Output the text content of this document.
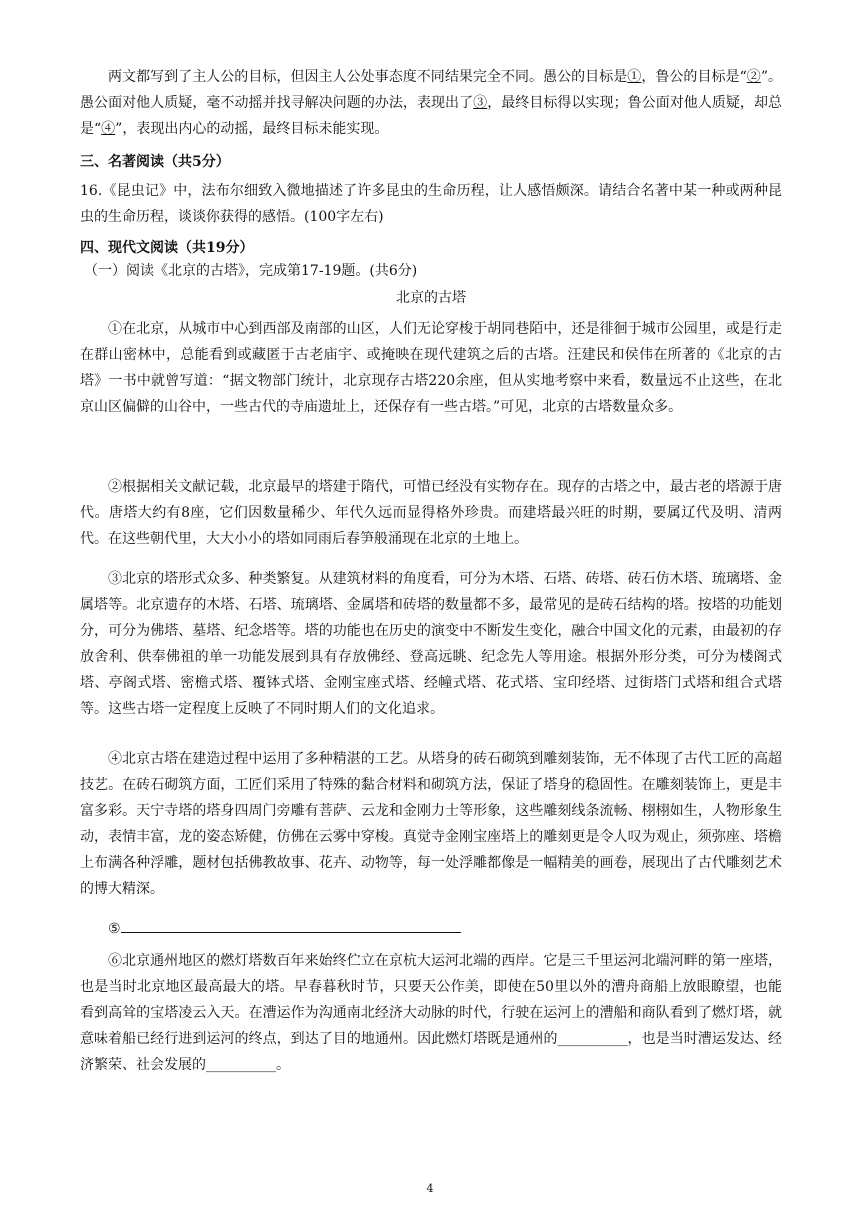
两文都写到了主人公的目标，但因主人公处事态度不同结果完全不同。愚公的目标是①，鲁公的目标是“②”。愚公面对他人质疑，毫不动摇并找寻解决问题的办法，表现出了③，最终目标得以实现；鲁公面对他人质疑，却总是“④”，表现出内心的动摇，最终目标未能实现。
三、名著阅读（共5分）
16.《昆虫记》中，法布尔细致入微地描述了许多昆虫的生命历程，让人感悟颇深。请结合名著中某一种或两种昆虫的生命历程，谈谈你获得的感悟。(100字左右)
四、现代文阅读（共19分）
（一）阅读《北京的古塔》，完成第17-19题。(共6分)
北京的古塔
①在北京，从城市中心到西部及南部的山区，人们无论穿梭于胡同巷陌中，还是徘徊于城市公园里，或是行走在群山密林中，总能看到或藏匿于古老庙宇、或掩映在现代建筑之后的古塔。汪建民和侯伟在所著的《北京的古塔》一书中就曾写道：“据文物部门统计，北京现存古塔220余座，但从实地考察中来看，数量远不止这些，在北京山区偏僻的山谷中，一些古代的寺庙遗址上，还保存有一些古塔。”可见，北京的古塔数量众多。
②根据相关文献记载，北京最早的塔建于隋代，可惜已经没有实物存在。现存的古塔之中，最古老的塔源于唐代。唐塔大约有8座，它们因数量稀少、年代久远而显得格外珍贵。而建塔最兴旺的时期，要属辽代及明、清两代。在这些朝代里，大大小小的塔如同雨后春笋般涌现在北京的土地上。
③北京的塔形式众多、种类繁复。从建筑材料的角度看，可分为木塔、石塔、砖塔、砖石仿木塔、琉璃塔、金属塔等。北京遗存的木塔、石塔、琉璃塔、金属塔和砖塔的数量都不多，最常见的是砖石结构的塔。按塔的功能划分，可分为佛塔、墓塔、纪念塔等。塔的功能也在历史的演变中不断发生变化，融合中国文化的元素，由最初的存放舍利、供奉佛祖的单一功能发展到具有存放佛经、登高远眺、纪念先人等用途。根据外形分类，可分为楼阁式塔、亭阁式塔、密檐式塔、覆钵式塔、金刚宝座式塔、经幢式塔、花式塔、宝印经塔、过街塔门式塔和组合式塔等。这些古塔一定程度上反映了不同时期人们的文化追求。
④北京古塔在建造过程中运用了多种精湛的工艺。从塔身的砖石砌筑到雕刻装饰，无不体现了古代工匠的高超技艺。在砖石砌筑方面，工匠们采用了特殊的黏合材料和砌筑方法，保证了塔身的稳固性。在雕刻装饰上，更是丰富多彩。天宁寺塔的塔身四周门旁雕有菩萨、云龙和金刚力士等形象，这些雕刻线条流畅、栩栩如生，人物形象生动，表情丰富，龙的姿态矫健，仿佛在云雾中穿梭。真觉寺金刚宝座塔上的雕刻更是令人叹为观止，须弥座、塔檐上布满各种浮雕，题材包括佛教故事、花卉、动物等，每一处浮雕都像是一幅精美的画卷，展现出了古代雕刻艺术的博大精深。
⑤
⑥北京通州地区的燃灯塔数百年来始终伫立在京杭大运河北端的西岸。它是三千里运河北端河畔的第一座塔，也是当时北京地区最高最大的塔。早春暮秋时节，只要天公作美，即使在50里以外的漕舟商船上放眼瞭望，也能看到高耸的宝塔凌云入天。在漕运作为沟通南北经济大动脉的时代，行驶在运河上的漕船和商队看到了燃灯塔，就意味着船已经行进到运河的终点，到达了目的地通州。因此燃灯塔既是通州的__________，也是当时漕运发达、经济繁荣、社会发展的__________。
4
